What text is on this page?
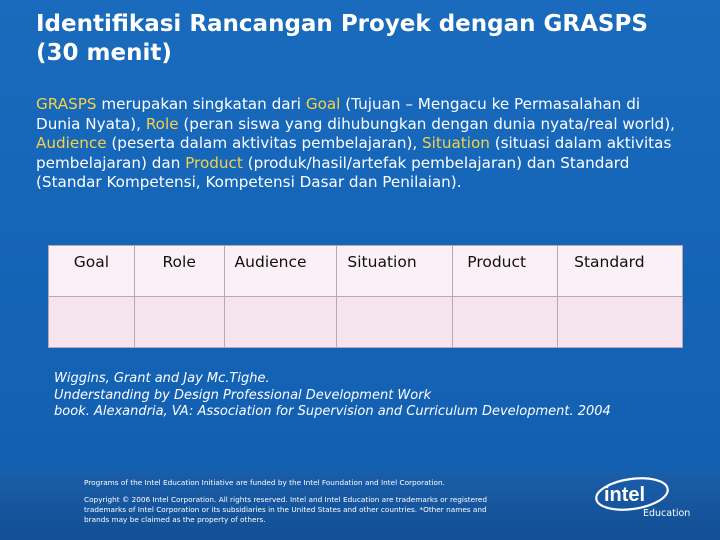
Identifikasi Rancangan Proyek dengan GRASPS (30 menit)
GRASPS merupakan singkatan dari Goal (Tujuan – Mengacu ke Permasalahan di Dunia Nyata), Role (peran siswa yang dihubungkan dengan dunia nyata/real world), Audience (peserta dalam aktivitas pembelajaran), Situation (situasi dalam aktivitas pembelajaran) dan Product (produk/hasil/artefak pembelajaran) dan Standard (Standar Kompetensi, Kompetensi Dasar dan Penilaian).
Goal	Role	Audience	Situation	Product	Standard

Wiggins, Grant and Jay Mc.Tighe.
Understanding by Design Professional Development Work
book. Alexandria, VA: Association for Supervision and Curriculum Development. 2004
Programs of the Intel Education Initiative are funded by the Intel Foundation and Intel Corporation.
Copyright © 2006 Intel Corporation. All rights reserved. Intel and Intel Education are trademarks or registered
trademarks of Intel Corporation or its subsidiaries in the United States and other countries. *Other names and
brands may be claimed as the property of others.
intel
Education
